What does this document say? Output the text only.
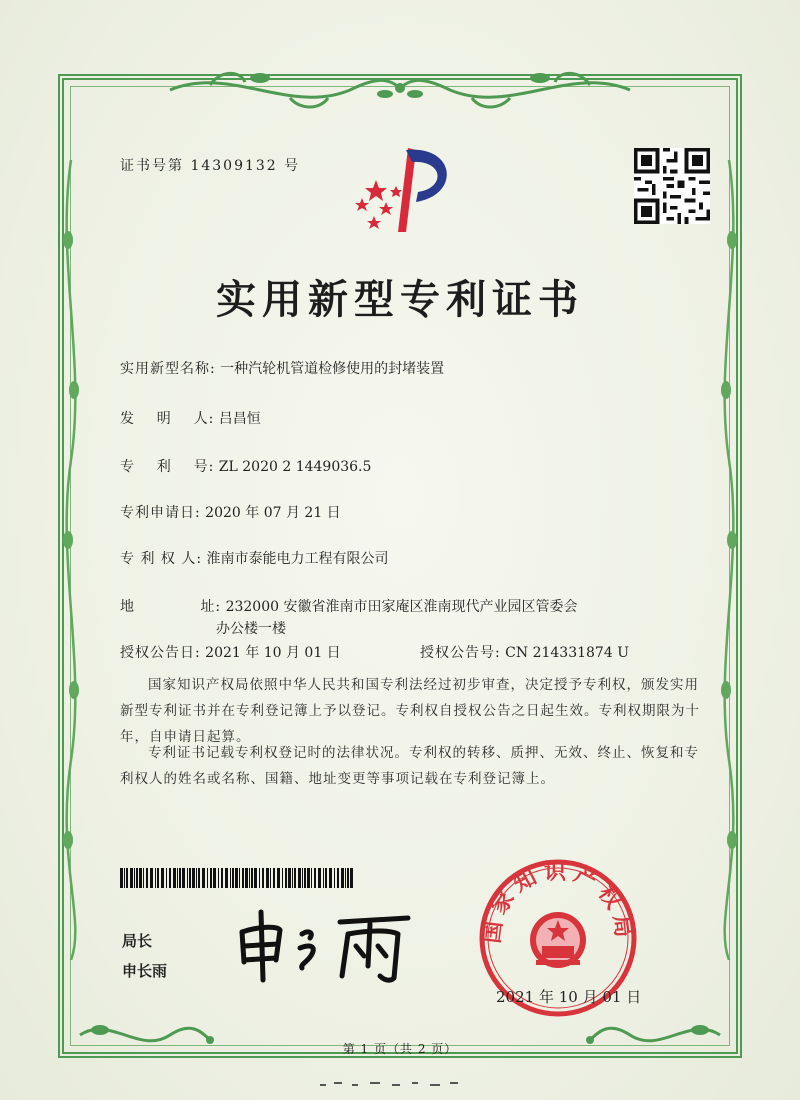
证书号第 14309132 号
实用新型专利证书
实用新型名称: 一种汽轮机管道检修使用的封堵装置
发    明    人: 吕昌恒
专    利    号: ZL 2020 2 1449036.5
专利申请日: 2020 年 07 月 21 日
专 利 权 人: 淮南市泰能电力工程有限公司
地            址: 232000 安徽省淮南市田家庵区淮南现代产业园区管委会
办公楼一楼
授权公告日: 2021 年 10 月 01 日	授权公告号: CN 214331874 U
国家知识产权局依照中华人民共和国专利法经过初步审查，决定授予专利权，颁发实用
新型专利证书并在专利登记簿上予以登记。专利权自授权公告之日起生效。专利权期限为十
年，自申请日起算。
专利证书记载专利权登记时的法律状况。专利权的转移、质押、无效、终止、恢复和专
利权人的姓名或名称、国籍、地址变更等事项记载在专利登记簿上。
局长
申长雨
国家知识产权局
2021 年 10 月 01 日
第 1 页（共 2 页）
